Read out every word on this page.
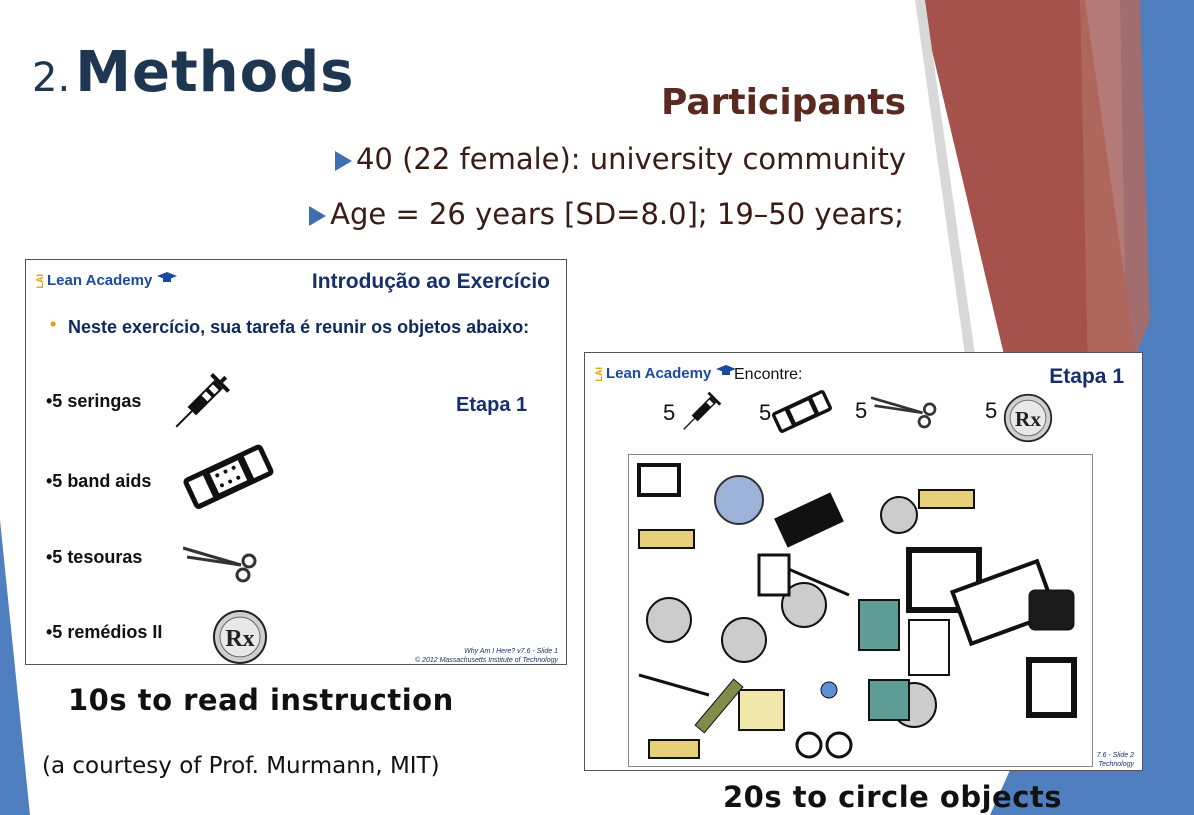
2. Methods	Participants
40 (22 female): university community
Age = 26 years [SD=8.0]; 19–50 years;
LAI Lean Academy	Introdução ao Exercício
• Neste exercício, sua tarefa é reunir os objetos abaixo:
Etapa 1
•5 seringas
•5 band aids
•5 tesouras
•5 remédios II	Rx	Why Am I Here? v7.6 - Slide 1
© 2012 Massachusetts Institute of Technology
10s to read instruction
(a courtesy of Prof. Murmann, MIT)
LAI Lean Academy	Encontre:	Etapa 1
5	5	5	5 Rx
7.6 - Slide 2
Technology
20s to circle objects
